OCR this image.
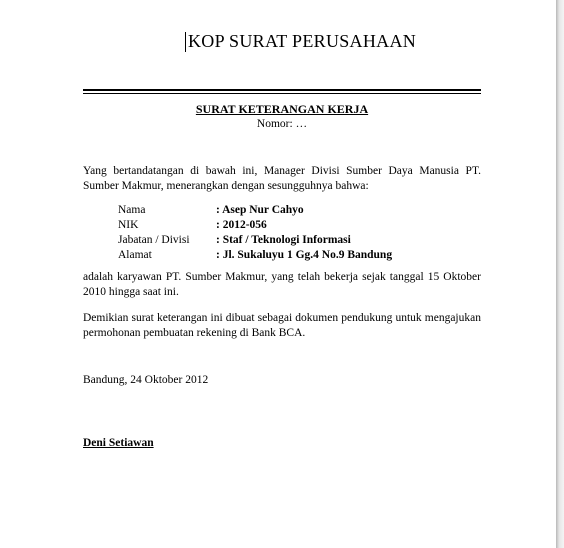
KOP SURAT PERUSAHAAN
SURAT KETERANGAN KERJA
Nomor: …
Yang bertandatangan di bawah ini, Manager Divisi Sumber Daya Manusia PT. Sumber Makmur, menerangkan dengan sesungguhnya bahwa:
Nama	: Asep Nur Cahyo
NIK	: 2012-056
Jabatan / Divisi : Staf / Teknologi Informasi
Alamat	: Jl. Sukaluyu 1 Gg.4 No.9 Bandung
adalah karyawan PT. Sumber Makmur, yang telah bekerja sejak tanggal 15 Oktober 2010 hingga saat ini.
Demikian surat keterangan ini dibuat sebagai dokumen pendukung untuk mengajukan permohonan pembuatan rekening di Bank BCA.
Bandung, 24 Oktober 2012
Deni Setiawan
